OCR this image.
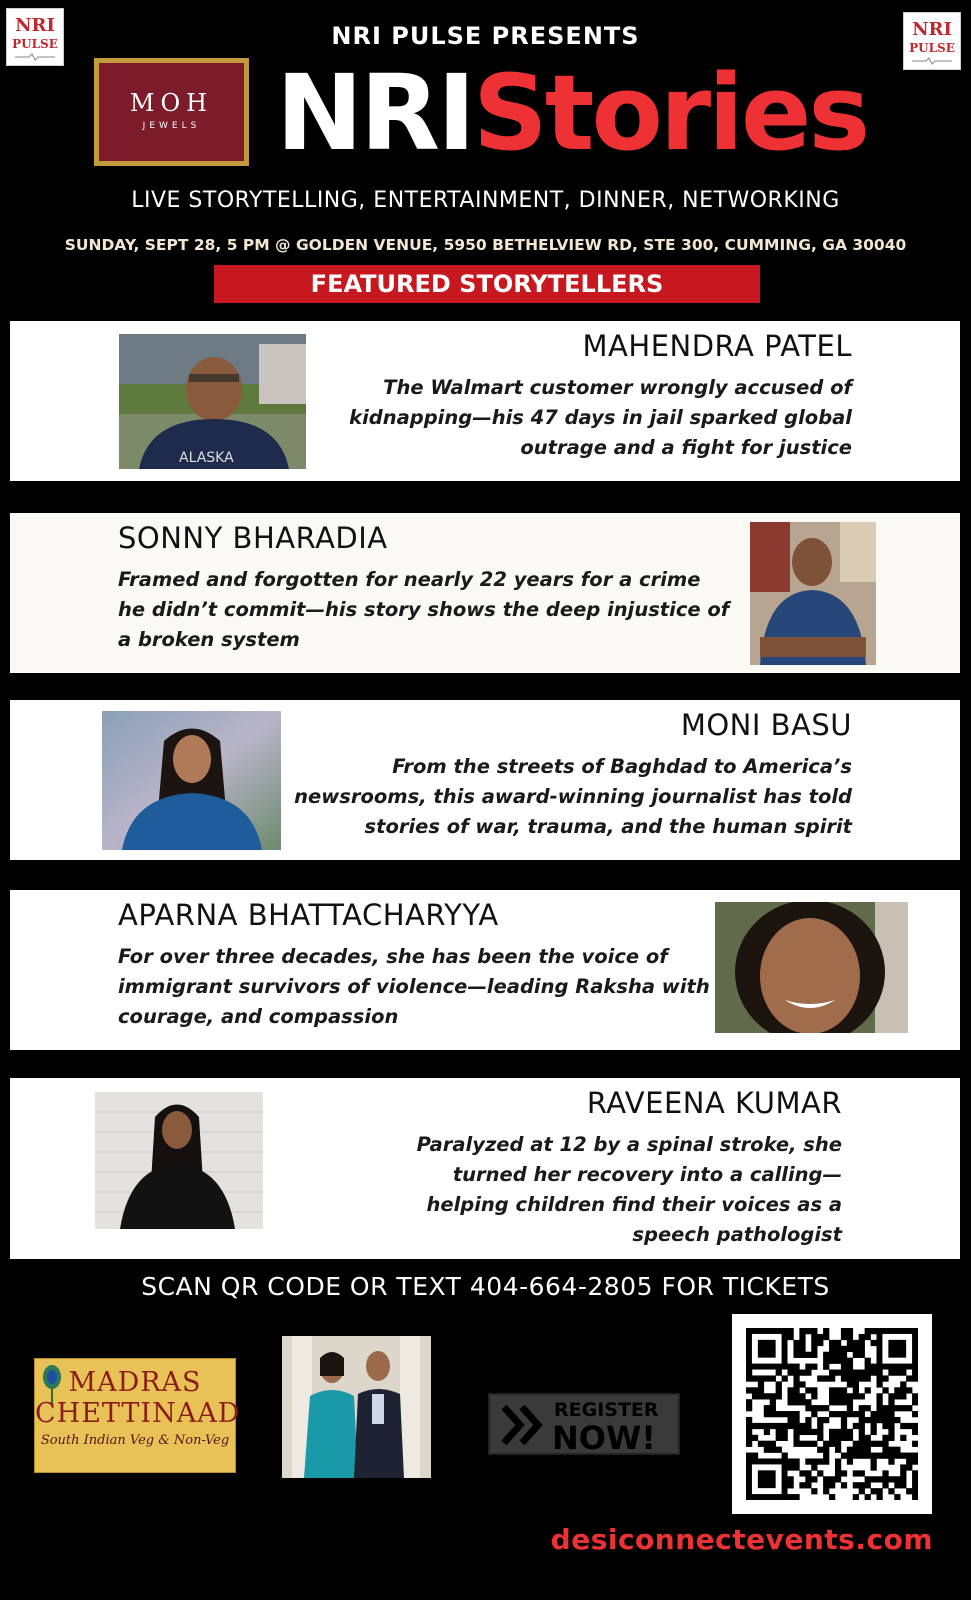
NRI
PULSE
NRI
PULSE
NRI PULSE PRESENTS
MOH
JEWELS NRIStories
LIVE STORYTELLING, ENTERTAINMENT, DINNER, NETWORKING
SUNDAY, SEPT 28, 5 PM @ GOLDEN VENUE, 5950 BETHELVIEW RD, STE 300, CUMMING, GA 30040
FEATURED STORYTELLERS
ALASKA
MAHENDRA PATEL
The Walmart customer wrongly accused of
kidnapping—his 47 days in jail sparked global
outrage and a fight for justice
SONNY BHARADIA
Framed and forgotten for nearly 22 years for a crime
he didn’t commit—his story shows the deep injustice of
a broken system
MONI BASU
From the streets of Baghdad to America’s
newsrooms, this award-winning journalist has told
stories of war, trauma, and the human spirit
APARNA BHATTACHARYYA
For over three decades, she has been the voice of
immigrant survivors of violence—leading Raksha with
courage, and compassion
RAVEENA KUMAR
Paralyzed at 12 by a spinal stroke, she
turned her recovery into a calling—
helping children find their voices as a
speech pathologist
SCAN QR CODE OR TEXT 404-664-2805 FOR TICKETS
MADRAS
CHETTINAAD
South Indian Veg & Non-Veg
REGISTER
NOW!
desiconnectevents.com
